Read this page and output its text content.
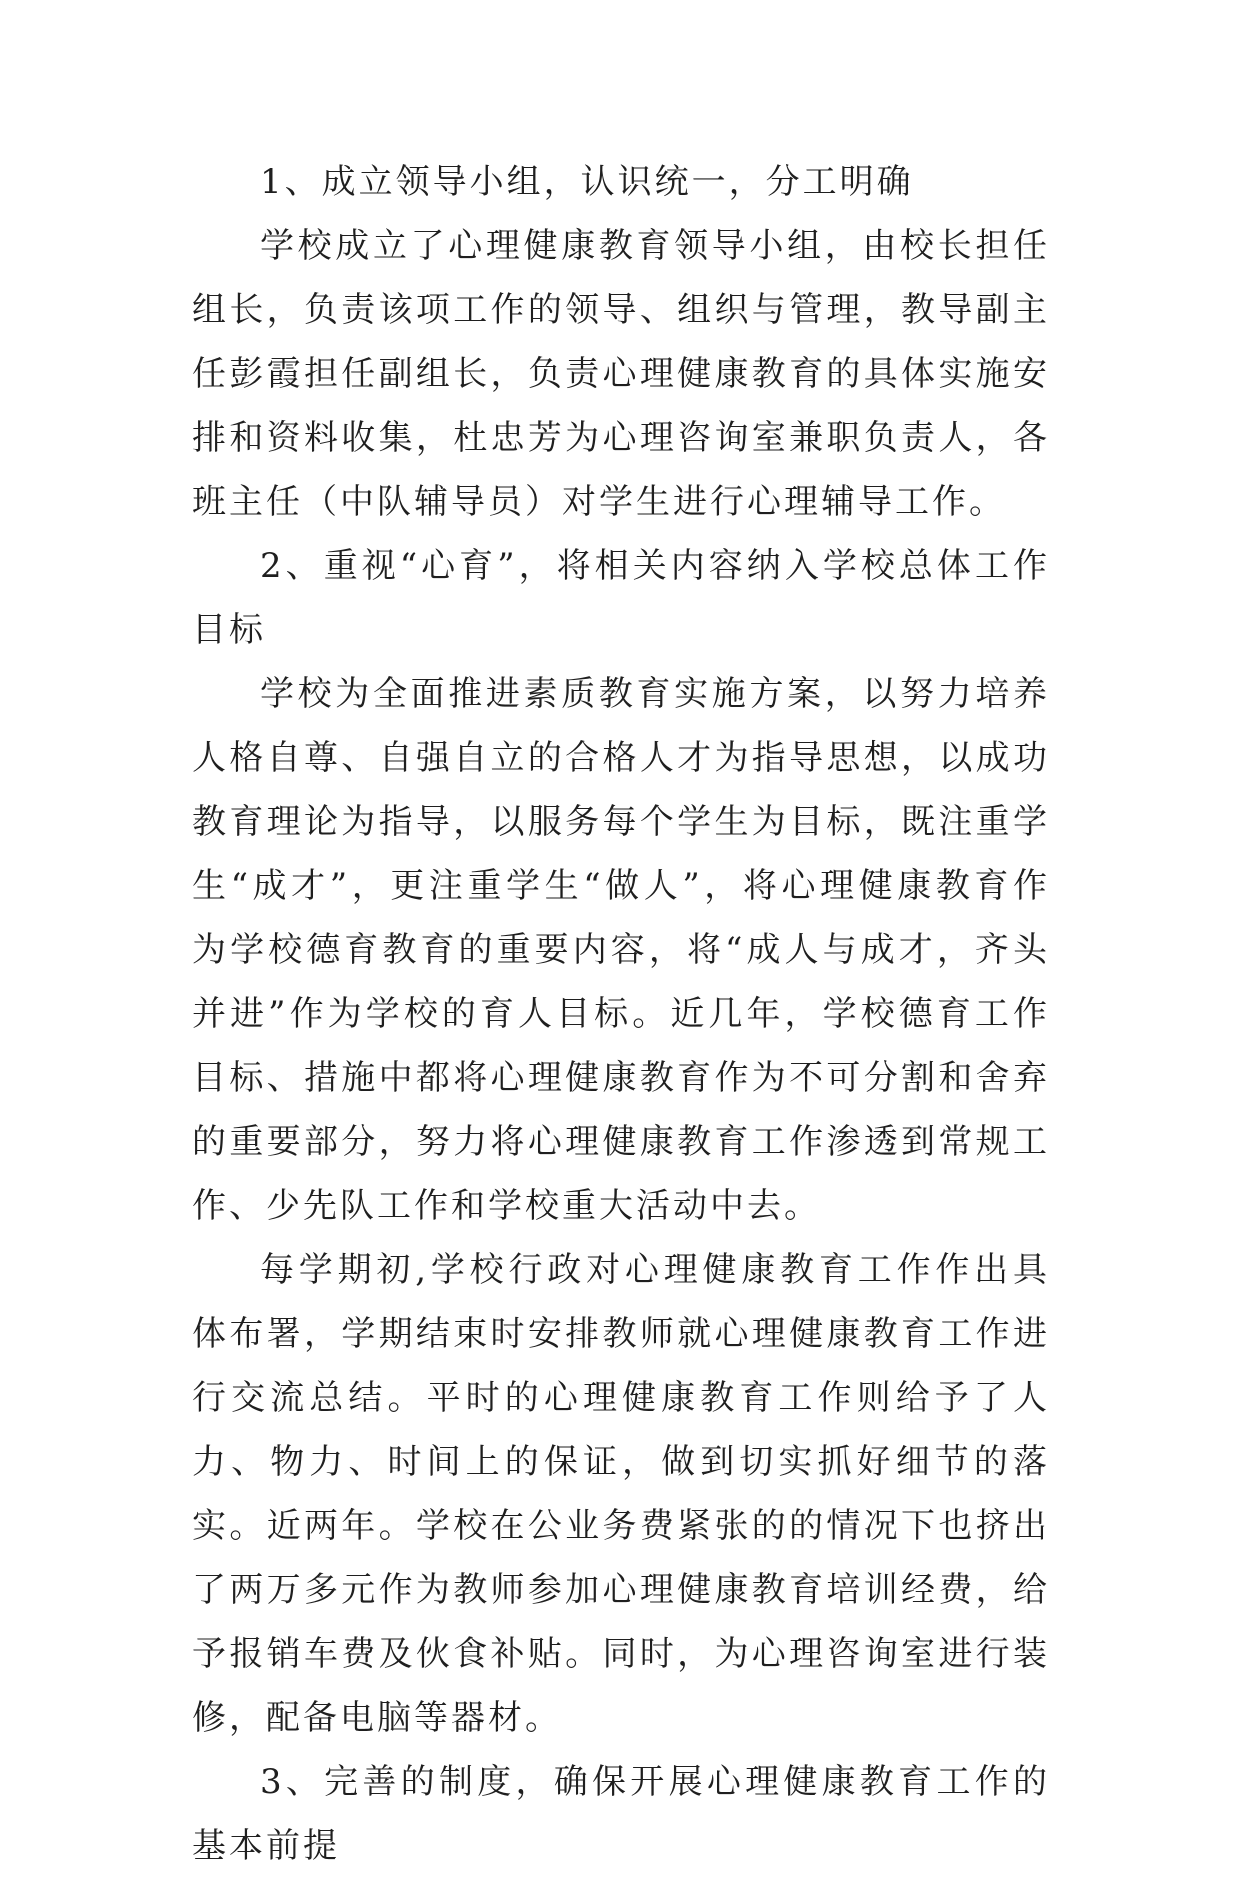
1、成立领导小组，认识统一，分工明确

学校成立了心理健康教育领导小组，由校长担任组长，负责该项工作的领导、组织与管理，教导副主任彭霞担任副组长，负责心理健康教育的具体实施安排和资料收集，杜忠芳为心理咨询室兼职负责人，各班主任（中队辅导员）对学生进行心理辅导工作。

2、重视“心育”，将相关内容纳入学校总体工作目标

学校为全面推进素质教育实施方案，以努力培养人格自尊、自强自立的合格人才为指导思想，以成功教育理论为指导，以服务每个学生为目标，既注重学生“成才”，更注重学生“做人”，将心理健康教育作为学校德育教育的重要内容，将“成人与成才，齐头并进”作为学校的育人目标。近几年，学校德育工作目标、措施中都将心理健康教育作为不可分割和舍弃的重要部分，努力将心理健康教育工作渗透到常规工作、少先队工作和学校重大活动中去。

每学期初,学校行政对心理健康教育工作作出具体布署，学期结束时安排教师就心理健康教育工作进行交流总结。平时的心理健康教育工作则给予了人力、物力、时间上的保证，做到切实抓好细节的落实。近两年。学校在公业务费紧张的的情况下也挤出了两万多元作为教师参加心理健康教育培训经费，给予报销车费及伙食补贴。同时，为心理咨询室进行装修，配备电脑等器材。

3、完善的制度，确保开展心理健康教育工作的基本前提
